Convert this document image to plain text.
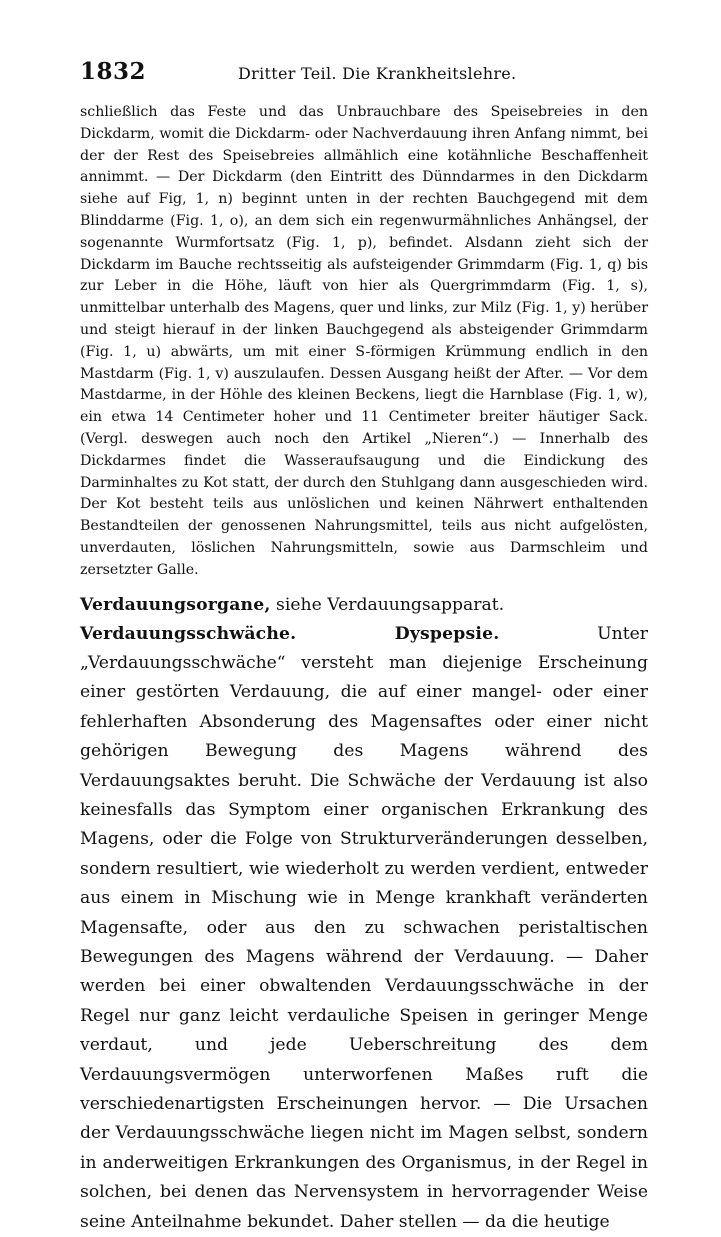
1832	Dritter Teil. Die Krankheitslehre.

schließlich das Feste und das Unbrauchbare des Speisebreies in den Dickdarm, womit die Dickdarm- oder Nachverdauung ihren Anfang nimmt, bei der der Rest des Speisebreies allmählich eine kotähnliche Beschaffenheit annimmt. — Der Dickdarm (den Eintritt des Dünndarmes in den Dickdarm siehe auf Fig, 1, n) beginnt unten in der rechten Bauchgegend mit dem Blinddarme (Fig. 1, o), an dem sich ein regenwurmähnliches Anhängsel, der sogenannte Wurmfortsatz (Fig. 1, p), befindet. Alsdann zieht sich der Dickdarm im Bauche rechtsseitig als aufsteigender Grimmdarm (Fig. 1, q) bis zur Leber in die Höhe, läuft von hier als Quergrimmdarm (Fig. 1, s), unmittelbar unterhalb des Magens, quer und links, zur Milz (Fig. 1, y) herüber und steigt hierauf in der linken Bauchgegend als absteigender Grimmdarm (Fig. 1, u) abwärts, um mit einer S-förmigen Krümmung endlich in den Mastdarm (Fig. 1, v) auszulaufen. Dessen Ausgang heißt der After. — Vor dem Mastdarme, in der Höhle des kleinen Beckens, liegt die Harnblase (Fig. 1, w), ein etwa 14 Centimeter hoher und 11 Centimeter breiter häutiger Sack. (Vergl. deswegen auch noch den Artikel „Nieren“.) — Innerhalb des Dickdarmes findet die Wasseraufsaugung und die Eindickung des Darminhaltes zu Kot statt, der durch den Stuhlgang dann ausgeschieden wird. Der Kot besteht teils aus unlöslichen und keinen Nährwert enthaltenden Bestandteilen der genossenen Nahrungsmittel, teils aus nicht aufgelösten, unverdauten, löslichen Nahrungsmitteln, sowie aus Darmschleim und zersetzter Galle.

Verdauungsorgane, siehe Verdauungsapparat.

Verdauungsschwäche. Dyspepsie.	Unter „Verdauungsschwäche“ versteht man diejenige Erscheinung einer gestörten Verdauung, die auf einer mangel- oder einer fehlerhaften Absonderung des Magensaftes oder einer nicht gehörigen Bewegung des Magens während des Verdauungsaktes beruht. Die Schwäche der Verdauung ist also keinesfalls das Symptom einer organischen Erkrankung des Magens, oder die Folge von Strukturveränderungen desselben, sondern resultiert, wie wiederholt zu werden verdient, entweder aus einem in Mischung wie in Menge krankhaft veränderten Magensafte, oder aus den zu schwachen peristaltischen Bewegungen des Magens während der Verdauung. — Daher werden bei einer obwaltenden Verdauungsschwäche in der Regel nur ganz leicht verdauliche Speisen in geringer Menge verdaut, und jede Ueberschreitung des dem Verdauungsvermögen unterworfenen Maßes ruft die verschiedenartigsten Erscheinungen hervor. — Die Ursachen der Verdauungsschwäche liegen nicht im Magen selbst, sondern in anderweitigen Erkrankungen des Organismus, in der Regel in solchen, bei denen das Nervensystem in hervorragender Weise seine Anteilnahme bekundet. Daher stellen — da die heutige
